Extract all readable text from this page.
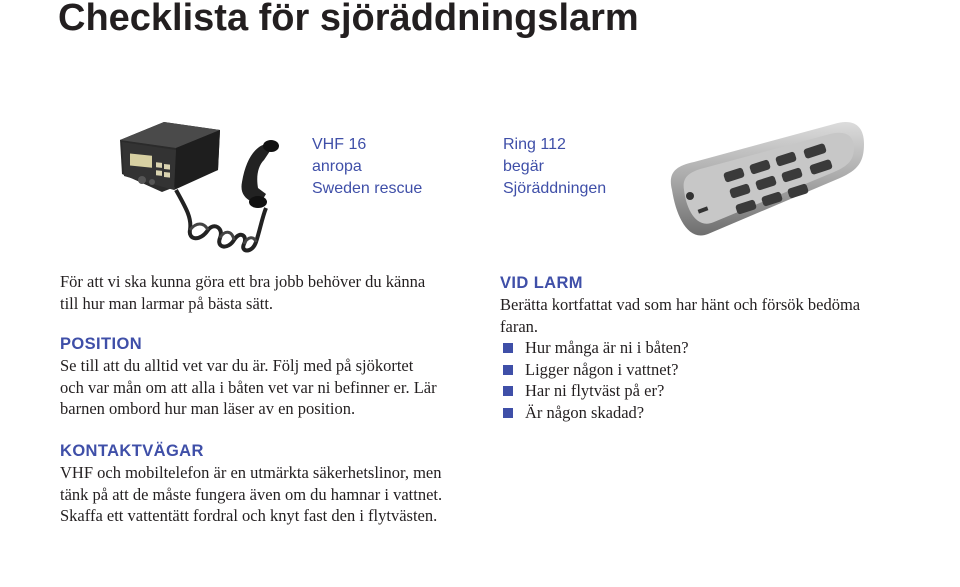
Checklista för sjöräddningslarm
VHF 16
anropa
Sweden rescue
Ring 112
begär
Sjöräddningen
För att vi ska kunna göra ett bra jobb behöver du känna
till hur man larmar på bästa sätt.
POSITION
Se till att du alltid vet var du är. Följ med på sjökortet
och var mån om att alla i båten vet var ni befinner er. Lär
barnen ombord hur man läser av en position.
KONTAKTVÄGAR
VHF och mobiltelefon är en utmärkta säkerhetslinor, men
tänk på att de måste fungera även om du hamnar i vattnet.
Skaffa ett vattentätt fordral och knyt fast den i flytvästen.
VID LARM
Berätta kortfattat vad som har hänt och försök bedöma
faran.
Hur många är ni i båten?
Ligger någon i vattnet?
Har ni flytväst på er?
Är någon skadad?
